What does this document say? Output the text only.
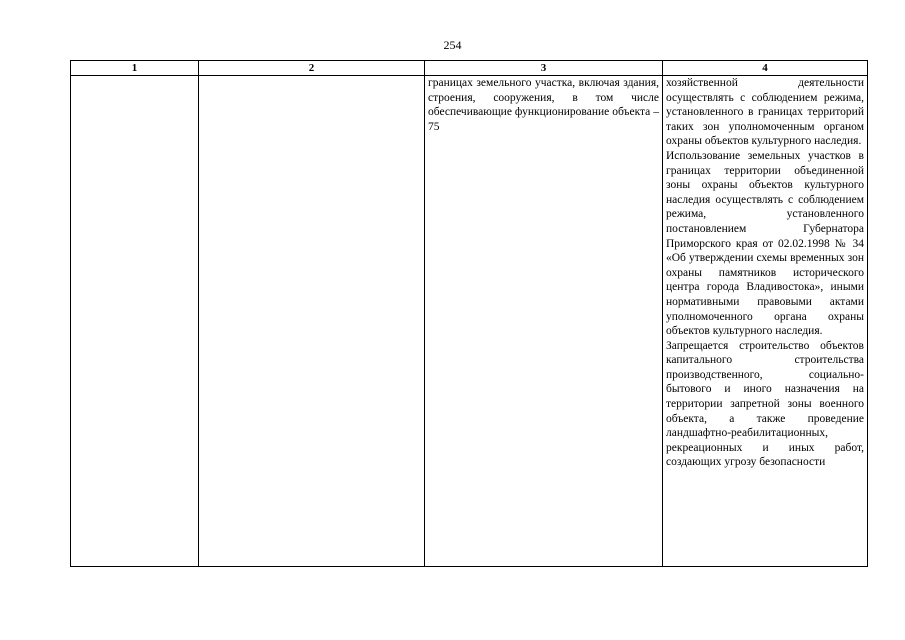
254
1	2	3	4
		границах земельного участка, включая здания, строения, сооружения, в том числе обеспечивающие функционирование объекта – 75	хозяйственной деятельности осуществлять с соблюдением режима, установленного в границах территорий таких зон уполномоченным органом охраны объектов культурного наследия.
Использование земельных участков в границах территории объединенной зоны охраны объектов культурного наследия осуществлять с соблюдением режима, установленного постановлением Губернатора Приморского края от 02.02.1998 № 34 «Об утверждении схемы временных зон охраны памятников исторического центра города Владивостока», иными нормативными правовыми актами уполномоченного органа охраны объектов культурного наследия.
Запрещается строительство объектов капитального строительства производственного, социально-бытового и иного назначения на территории запретной зоны военного объекта, а также проведение ландшафтно-реабилитационных, рекреационных и иных работ, создающих угрозу безопасности
